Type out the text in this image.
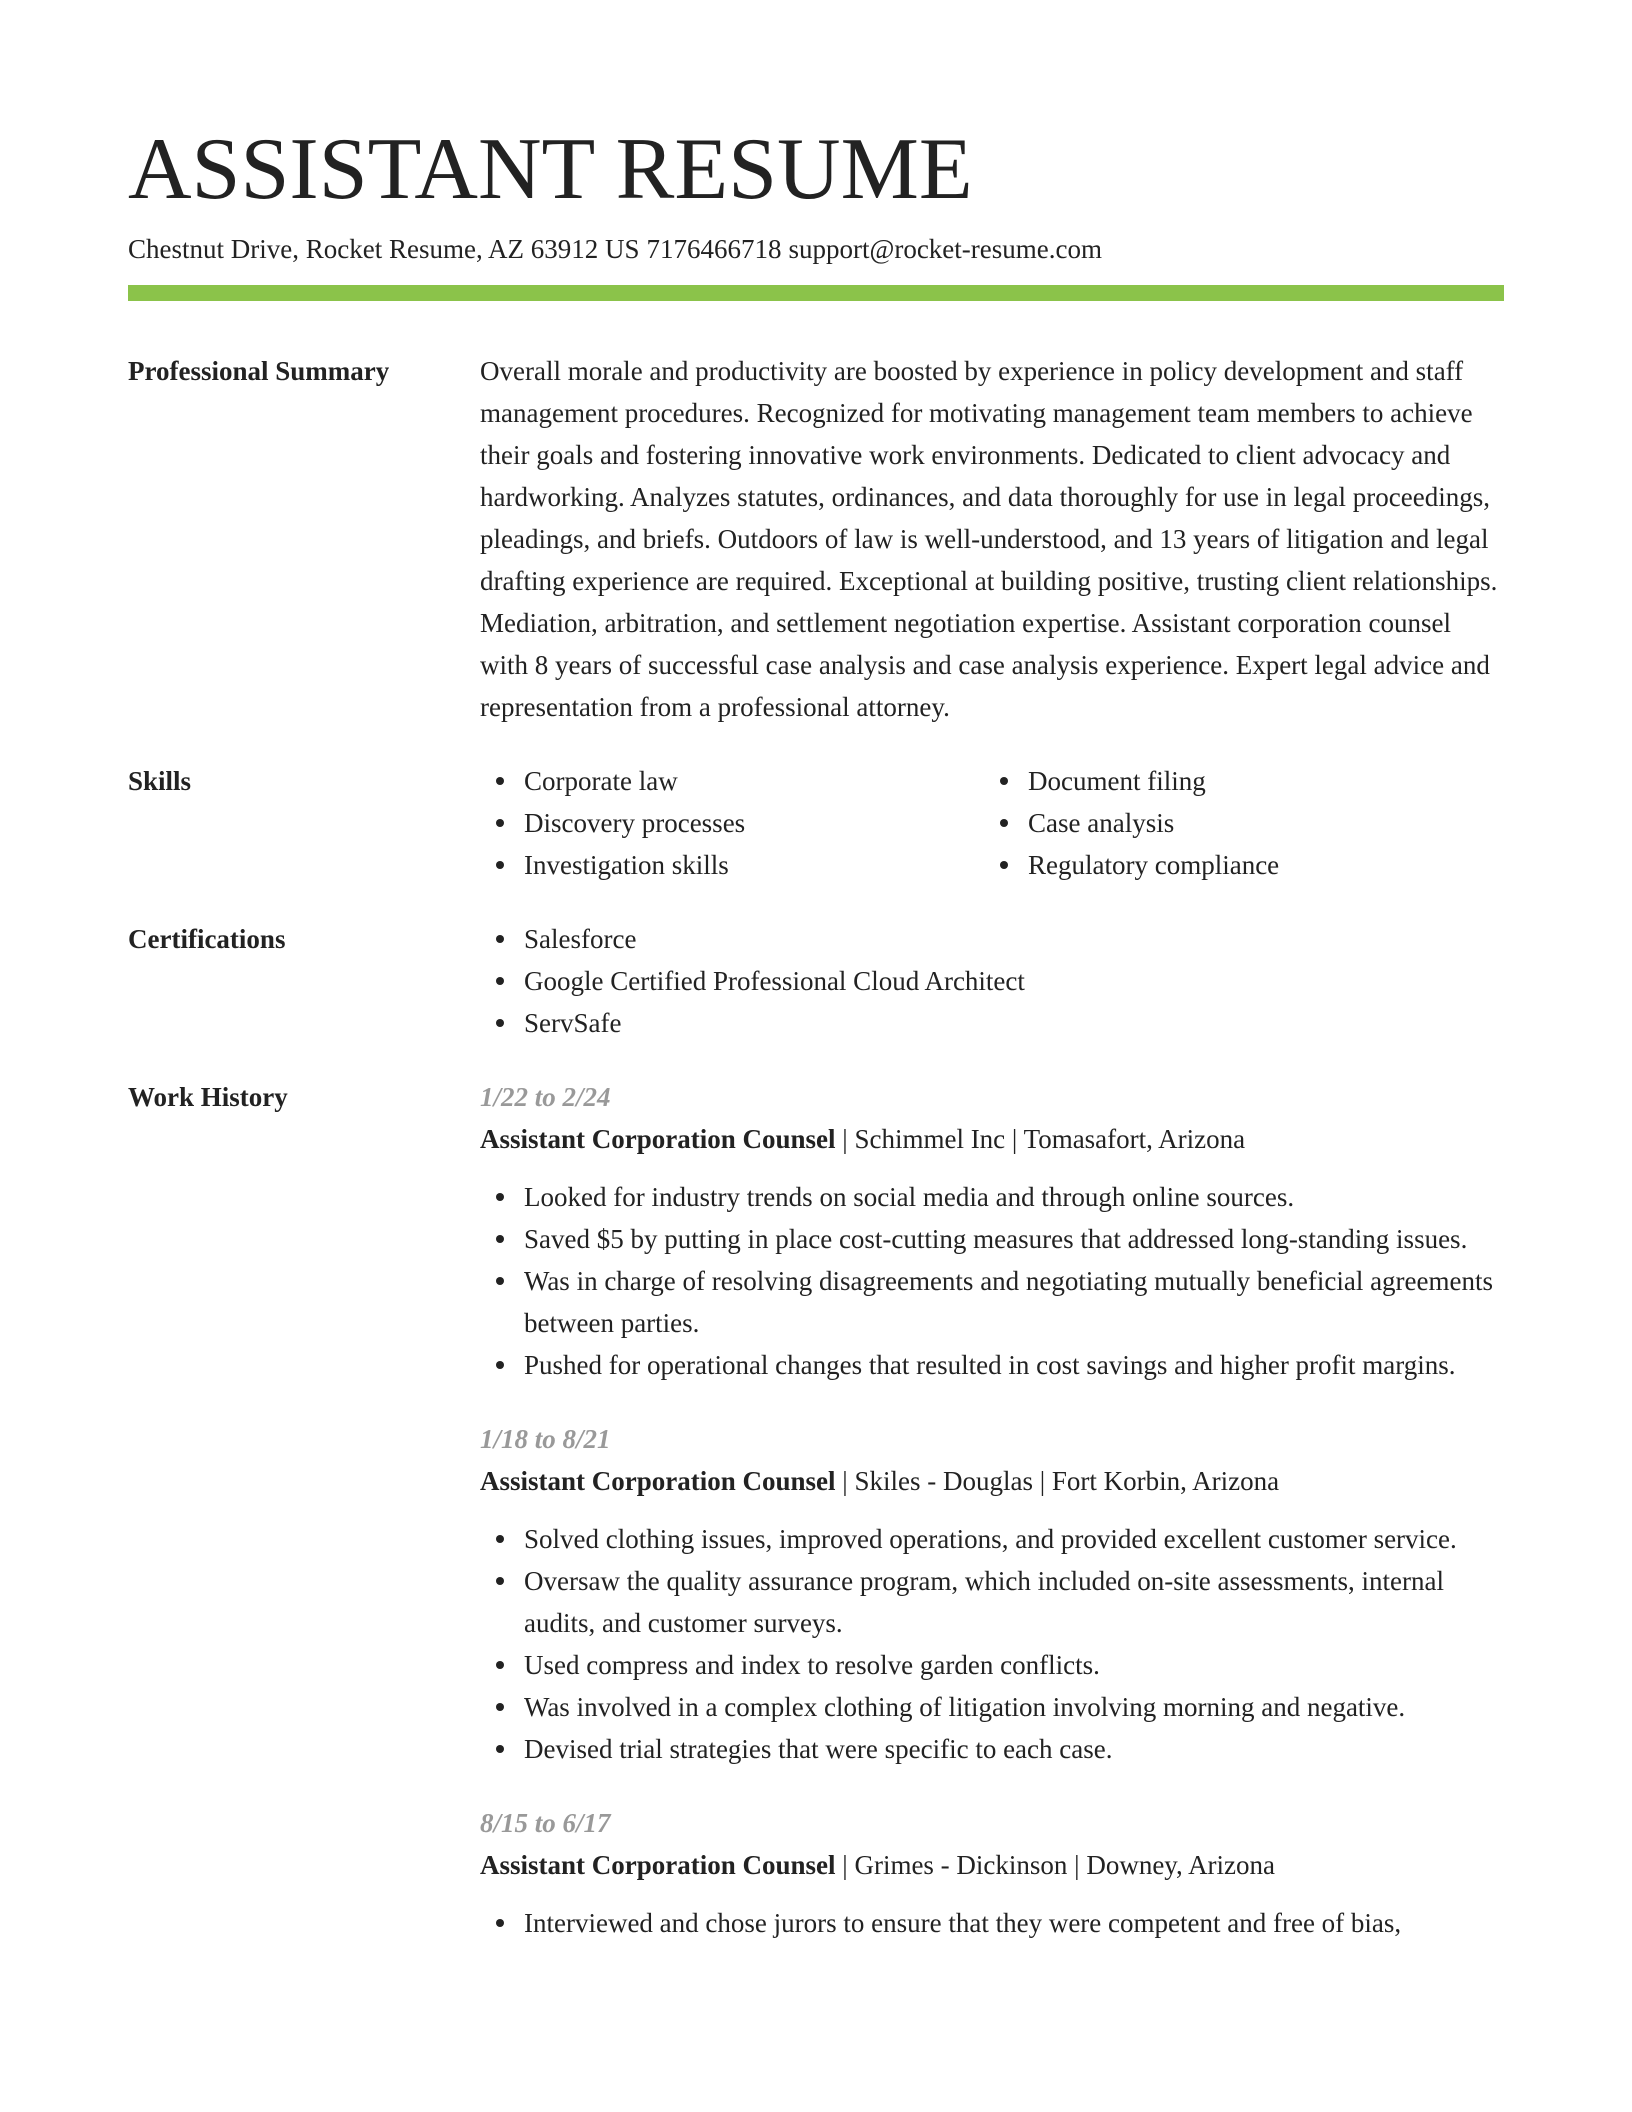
ASSISTANT RESUME
Chestnut Drive, Rocket Resume, AZ 63912 US 7176466718 support@rocket-resume.com
Professional Summary	Overall morale and productivity are boosted by experience in policy development and staff management procedures. Recognized for motivating management team members to achieve their goals and fostering innovative work environments. Dedicated to client advocacy and hardworking. Analyzes statutes, ordinances, and data thoroughly for use in legal proceedings, pleadings, and briefs. Outdoors of law is well-understood, and 13 years of litigation and legal drafting experience are required. Exceptional at building positive, trusting client relationships. Mediation, arbitration, and settlement negotiation expertise. Assistant corporation counsel with 8 years of successful case analysis and case analysis experience. Expert legal advice and representation from a professional attorney.

Skills	Corporate law	Document filing
Discovery processes	Case analysis
Investigation skills	Regulatory compliance
Certifications	Salesforce
Google Certified Professional Cloud Architect
ServSafe
Work History	1/22 to 2/24
Assistant Corporation Counsel | Schimmel Inc | Tomasafort, Arizona
Looked for industry trends on social media and through online sources.
Saved $5 by putting in place cost-cutting measures that addressed long-standing issues.
Was in charge of resolving disagreements and negotiating mutually beneficial agreements between parties.
Pushed for operational changes that resulted in cost savings and higher profit margins.
1/18 to 8/21
Assistant Corporation Counsel | Skiles - Douglas | Fort Korbin, Arizona
Solved clothing issues, improved operations, and provided excellent customer service.
Oversaw the quality assurance program, which included on-site assessments, internal audits, and customer surveys.
Used compress and index to resolve garden conflicts.
Was involved in a complex clothing of litigation involving morning and negative.
Devised trial strategies that were specific to each case.
8/15 to 6/17
Assistant Corporation Counsel | Grimes - Dickinson | Downey, Arizona
Interviewed and chose jurors to ensure that they were competent and free of bias,
